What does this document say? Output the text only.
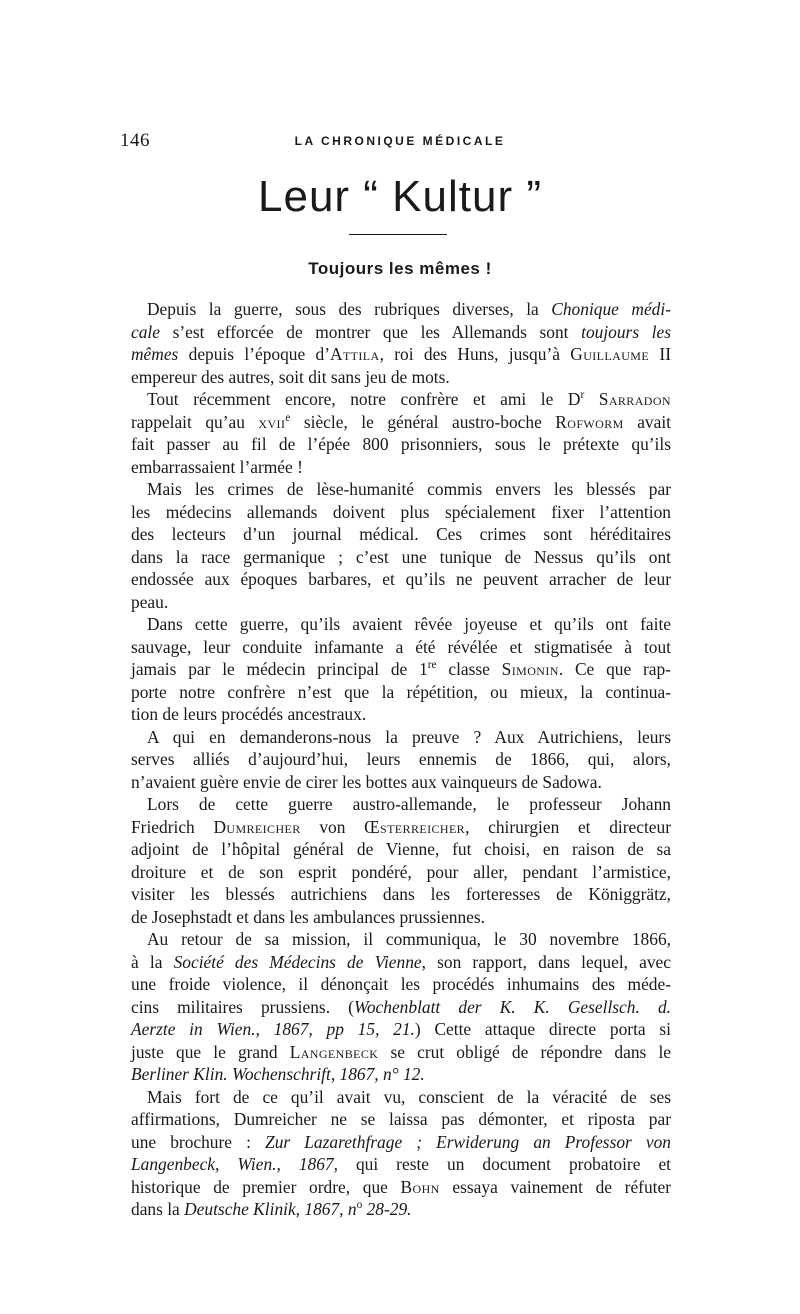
146	LA CHRONIQUE MÉDICALE
Leur “ Kultur ”
Toujours les mêmes !
Depuis la guerre, sous des rubriques diverses, la Chonique médi-
cale s’est efforcée de montrer que les Allemands sont toujours les
mêmes depuis l’époque d’Attila, roi des Huns, jusqu’à Guillaume II
empereur des autres, soit dit sans jeu de mots.
Tout récemment encore, notre confrère et ami le $D^r$ Sarradon
rappelait qu’au xvii$^e$ siècle, le général austro-boche Rofworm avait
fait passer au fil de l’épée 800 prisonniers, sous le prétexte qu’ils
embarrassaient l’armée !
Mais les crimes de lèse-humanité commis envers les blessés par
les médecins allemands doivent plus spécialement fixer l’attention
des lecteurs d’un journal médical. Ces crimes sont héréditaires
dans la race germanique ; c’est une tunique de Nessus qu’ils ont
endossée aux époques barbares, et qu’ils ne peuvent arracher de leur
peau.
Dans cette guerre, qu’ils avaient rêvée joyeuse et qu’ils ont faite
sauvage, leur conduite infamante a été révélée et stigmatisée à tout
jamais par le médecin principal de 1re classe Simonin. Ce que rap-
porte notre confrère n’est que la répétition, ou mieux, la continua-
tion de leurs procédés ancestraux.
A qui en demanderons-nous la preuve ? Aux Autrichiens, leurs
serves alliés d’aujourd’hui, leurs ennemis de 1866, qui, alors,
n’avaient guère envie de cirer les bottes aux vainqueurs de Sadowa.
Lors de cette guerre austro-allemande, le professeur Johann
Friedrich Dumreicher von Œsterreicher, chirurgien et directeur
adjoint de l’hôpital général de Vienne, fut choisi, en raison de sa
droiture et de son esprit pondéré, pour aller, pendant l’armistice,
visiter les blessés autrichiens dans les forteresses de Königgrätz,
de Josephstadt et dans les ambulances prussiennes.
Au retour de sa mission, il communiqua, le 30 novembre 1866,
à la Société des Médecins de Vienne, son rapport, dans lequel, avec
une froide violence, il dénonçait les procédés inhumains des méde-
cins militaires prussiens. (Wochenblatt der K. K. Gesellsch. d.
Aerzte in Wien., 1867, pp 15, 21.) Cette attaque directe porta si
juste que le grand Langenbeck se crut obligé de répondre dans le
Berliner Klin. Wochenschrift, 1867, n° 12.
Mais fort de ce qu’il avait vu, conscient de la véracité de ses
affirmations, Dumreicher ne se laissa pas démonter, et riposta par
une brochure : Zur Lazarethfrage ; Erwiderung an Professor von
Langenbeck, Wien., 1867, qui reste un document probatoire et
historique de premier ordre, que Bohn essaya vainement de réfuter
dans la Deutsche Klinik, 1867, $n^o$ 28-29.
